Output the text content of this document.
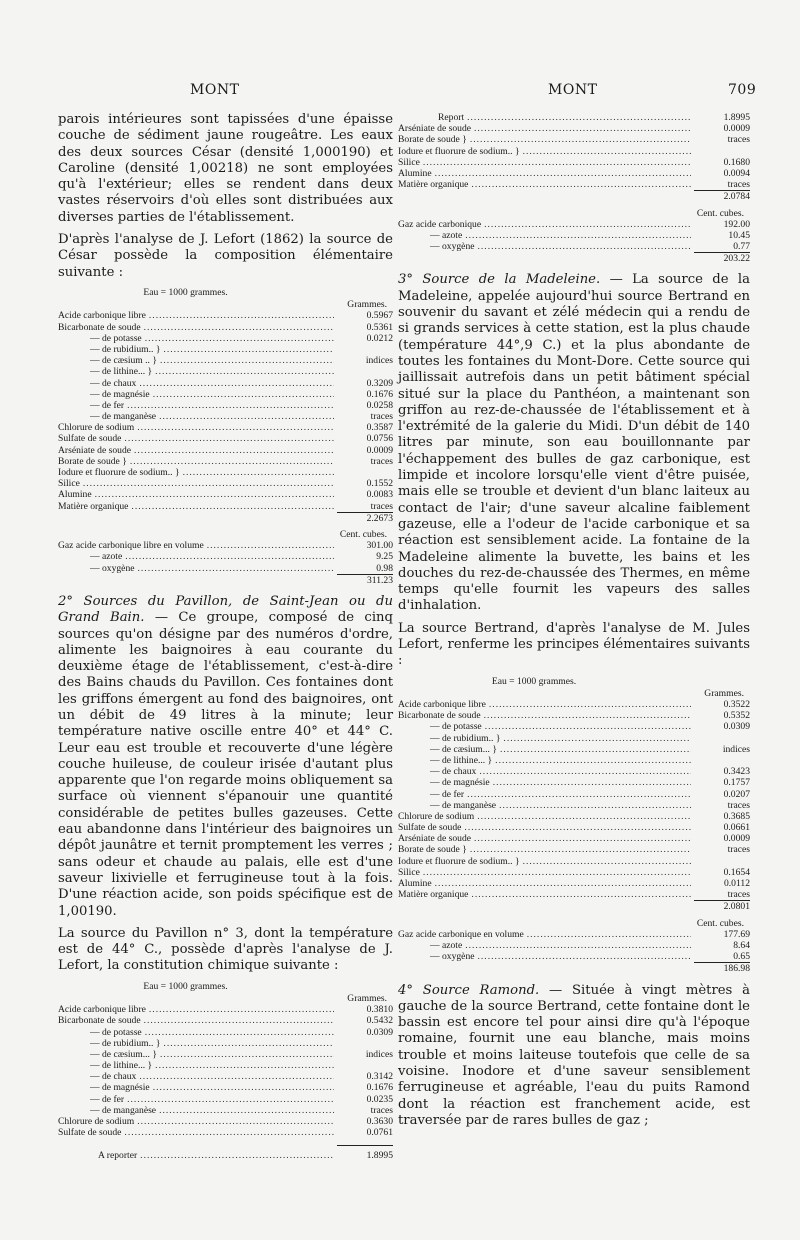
MONT	MONT	709

parois intérieures sont tapissées d'une épaisse couche de sédiment jaune rougeâtre. Les eaux des deux sources César (densité 1,000190) et Caroline (densité 1,00218) ne sont employées qu'à l'extérieur; elles se rendent dans deux vastes réservoirs d'où elles sont distribuées aux diverses parties de l'établissement.

D'après l'analyse de J. Lefort (1862) la source de César possède la composition élémentaire suivante :

Eau = 1000 grammes.
Grammes.
Acide carbonique libre .....	0.5967
Bicarbonate de soude .....	0.5361
— de potasse .....	0.0212
— de rubidium.. }
.....
— de cæsium .. } .....	indices
— de lithine... }
.....
— de chaux .....	0.3209
— de magnésie .....	0.1676
— de fer .....	0.0258
— de manganèse .....	traces
Chlorure de sodium .....	0.3587
Sulfate de soude .....	0.0756
Arséniate de soude .....	0.0009
Borate de soude } .....	traces
Iodure et fluorure de sodium.. }
.....
Silice .....	0.1552
Alumine .....	0.0083
Matière organique .....	traces
2.2673
Cent. cubes.
Gaz acide carbonique libre en volume .....	301.00
— azote .....	9.25
— oxygène .....	0.98
311.23

2° Sources du Pavillon, de Saint-Jean ou du Grand Bain. — Ce groupe, composé de cinq sources qu'on désigne par des numéros d'ordre, alimente les baignoires à eau courante du deuxième étage de l'établissement, c'est-à-dire des Bains chauds du Pavillon. Ces fontaines dont les griffons émergent au fond des baignoires, ont un débit de 49 litres à la minute; leur température native oscille entre 40° et 44° C. Leur eau est trouble et recouverte d'une légère couche huileuse, de couleur irisée d'autant plus apparente que l'on regarde moins obliquement sa surface où viennent s'épanouir une quantité considérable de petites bulles gazeuses. Cette eau abandonne dans l'intérieur des baignoires un dépôt jaunâtre et ternit promptement les verres ; sans odeur et chaude au palais, elle est d'une saveur lixivielle et ferrugineuse tout à la fois. D'une réaction acide, son poids spécifique est de 1,00190.

La source du Pavillon n° 3, dont la température est de 44° C., possède d'après l'analyse de J. Lefort, la constitution chimique suivante :

Eau = 1000 grammes.
Grammes.
Acide carbonique libre .....	0.3810
Bicarbonate de soude .....	0.5432
— de potasse .....	0.0309
— de rubidium.. }
.....
— de cæsium... } .....	indices
— de lithine... }
.....
— de chaux .....	0.3142
— de magnésie .....	0.1676
— de fer .....	0.0235
— de manganèse .....	traces
Chlorure de sodium .....	0.3630
Sulfate de soude .....	0.0761
A reporter .....	1.8995
Report .....	1.8995
Arséniate de soude .....	0.0009
Borate de soude } .....	traces
Iodure et fluorure de sodium.. }
.....
Silice .....	0.1680
Alumine .....	0.0094
Matière organique .....	traces
2.0784
Cent. cubes.
Gaz acide carbonique .....	192.00
— azote .....	10.45
— oxygène .....	0.77
203.22

3° Source de la Madeleine. — La source de la Madeleine, appelée aujourd'hui source Bertrand en souvenir du savant et zélé médecin qui a rendu de si grands services à cette station, est la plus chaude (température 44°,9 C.) et la plus abondante de toutes les fontaines du Mont-Dore. Cette source qui jaillissait autrefois dans un petit bâtiment spécial situé sur la place du Panthéon, a maintenant son griffon au rez-de-chaussée de l'établissement et à l'extrémité de la galerie du Midi. D'un débit de 140 litres par minute, son eau bouillonnante par l'échappement des bulles de gaz carbonique, est limpide et incolore lorsqu'elle vient d'être puisée, mais elle se trouble et devient d'un blanc laiteux au contact de l'air; d'une saveur alcaline faiblement gazeuse, elle a l'odeur de l'acide carbonique et sa réaction est sensiblement acide. La fontaine de la Madeleine alimente la buvette, les bains et les douches du rez-de-chaussée des Thermes, en même temps qu'elle fournit les vapeurs des salles d'inhalation.

La source Bertrand, d'après l'analyse de M. Jules Lefort, renferme les principes élémentaires suivants :

Eau = 1000 grammes.
Grammes.
Acide carbonique libre .....	0.3522
Bicarbonate de soude .....	0.5352
— de potasse .....	0.0309
— de rubidium.. }
.....
— de cæsium... } .....	indices
— de lithine... }
.....
— de chaux .....	0.3423
— de magnésie .....	0.1757
— de fer .....	0.0207
— de manganèse .....	traces
Chlorure de sodium .....	0.3685
Sulfate de soude .....	0.0661
Arséniate de soude .....	0.0009
Borate de soude } .....	traces
Iodure et fluorure de sodium.. }
.....
Silice .....	0.1654
Alumine .....	0.0112
Matière organique .....	traces
2.0801
Cent. cubes.
Gaz acide carbonique en volume .....	177.69
— azote .....	8.64
— oxygène .....	0.65
186.98

4° Source Ramond. — Située à vingt mètres à gauche de la source Bertrand, cette fontaine dont le bassin est encore tel pour ainsi dire qu'à l'époque romaine, fournit une eau blanche, mais moins trouble et moins laiteuse toutefois que celle de sa voisine. Inodore et d'une saveur sensiblement ferrugineuse et agréable, l'eau du puits Ramond dont la réaction est franchement acide, est traversée par de rares bulles de gaz ;
